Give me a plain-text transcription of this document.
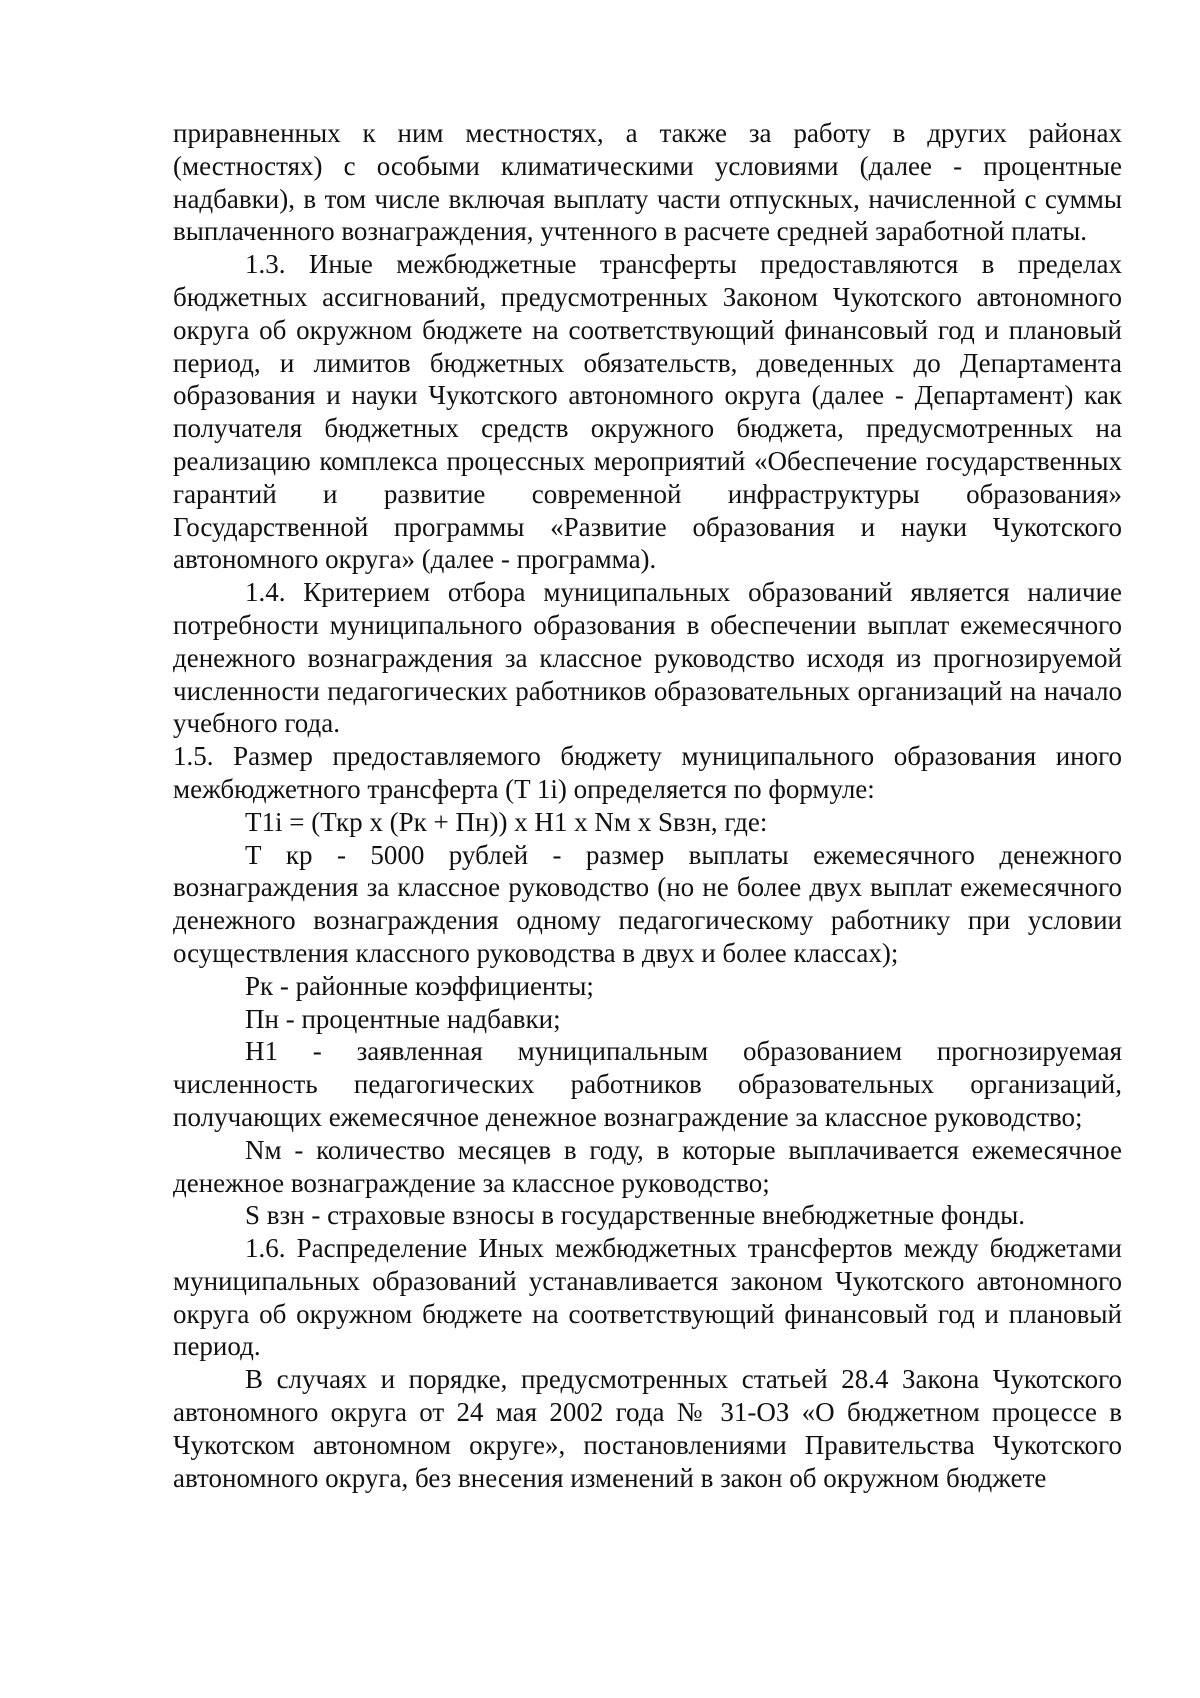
приравненных к ним местностях, а также за работу в других районах (местностях) с особыми климатическими условиями (далее - процентные надбавки), в том числе включая выплату части отпускных, начисленной с суммы выплаченного вознаграждения, учтенного в расчете средней заработной платы.

1.3. Иные межбюджетные трансферты предоставляются в пределах бюджетных ассигнований, предусмотренных Законом Чукотского автономного округа об окружном бюджете на соответствующий финансовый год и плановый период, и лимитов бюджетных обязательств, доведенных до Департамента образования и науки Чукотского автономного округа (далее - Департамент) как получателя бюджетных средств окружного бюджета, предусмотренных на реализацию комплекса процессных мероприятий «Обеспечение государственных гарантий и развитие современной инфраструктуры образования» Государственной программы «Развитие образования и науки Чукотского автономного округа» (далее - программа).

1.4. Критерием отбора муниципальных образований является наличие потребности муниципального образования в обеспечении выплат ежемесячного денежного вознаграждения за классное руководство исходя из прогнозируемой численности педагогических работников образовательных организаций на начало учебного года.

1.5. Размер предоставляемого бюджету муниципального образования иного межбюджетного трансферта (T 1i) определяется по формуле:

T1i = (Ткр x (Рк + Пн)) x Н1 x Nм x Sвзн, где:

Т кр - 5000 рублей - размер выплаты ежемесячного денежного вознаграждения за классное руководство (но не более двух выплат ежемесячного денежного вознаграждения одному педагогическому работнику при условии осуществления классного руководства в двух и более классах);

Рк - районные коэффициенты;

Пн - процентные надбавки;

Н1 - заявленная муниципальным образованием прогнозируемая численность педагогических работников образовательных организаций, получающих ежемесячное денежное вознаграждение за классное руководство;

Nм - количество месяцев в году, в которые выплачивается ежемесячное денежное вознаграждение за классное руководство;

S взн - страховые взносы в государственные внебюджетные фонды.

1.6. Распределение Иных межбюджетных трансфертов между бюджетами муниципальных образований устанавливается законом Чукотского автономного округа об окружном бюджете на соответствующий финансовый год и плановый период.

В случаях и порядке, предусмотренных статьей 28.4 Закона Чукотского автономного округа от 24 мая 2002 года № 31-ОЗ «О бюджетном процессе в Чукотском автономном округе», постановлениями Правительства Чукотского автономного округа, без внесения изменений в закон об окружном бюджете
